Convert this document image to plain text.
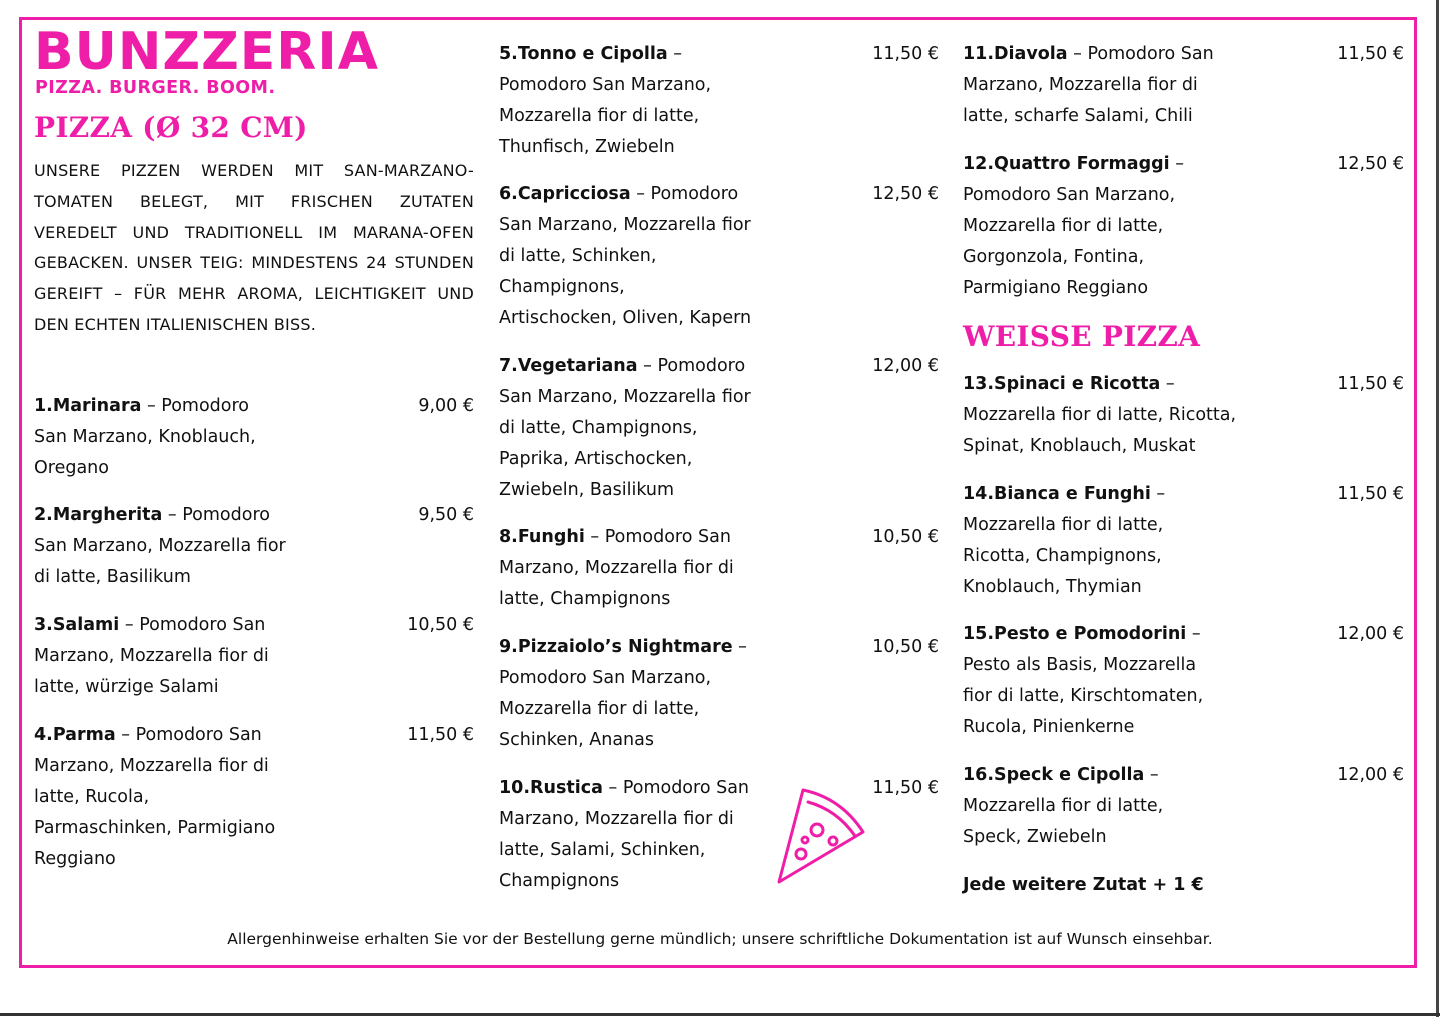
BUNZZERIA
PIZZA. BURGER. BOOM.
PIZZA (Ø 32 CM)
UNSERE PIZZEN WERDEN MIT SAN-MARZANO-TOMATEN BELEGT, MIT FRISCHEN ZUTATEN VEREDELT UND TRADITIONELL IM MARANA-OFEN GEBACKEN. UNSER TEIG: MINDESTENS 24 STUNDEN GEREIFT – FÜR MEHR AROMA, LEICHTIGKEIT UND DEN ECHTEN ITALIENISCHEN BISS.	WEISSE PIZZA
1.Marinara – Pomodoro
San Marzano, Knoblauch,
Oregano
9,00 €
2.Margherita – Pomodoro
San Marzano, Mozzarella fior
di latte, Basilikum
9,50 €
3.Salami – Pomodoro San
Marzano, Mozzarella fior di
latte, würzige Salami
10,50 €
4.Parma – Pomodoro San
Marzano, Mozzarella fior di
latte, Rucola,
Parmaschinken, Parmigiano
Reggiano
11,50 €
5.Tonno e Cipolla –
Pomodoro San Marzano,
Mozzarella fior di latte,
Thunfisch, Zwiebeln
11,50 €
6.Capricciosa – Pomodoro
San Marzano, Mozzarella fior
di latte, Schinken,
Champignons,
Artischocken, Oliven, Kapern
12,50 €
7.Vegetariana – Pomodoro
San Marzano, Mozzarella fior
di latte, Champignons,
Paprika, Artischocken,
Zwiebeln, Basilikum
12,00 €
8.Funghi – Pomodoro San
Marzano, Mozzarella fior di
latte, Champignons
10,50 €
9.Pizzaiolo’s Nightmare –
Pomodoro San Marzano,
Mozzarella fior di latte,
Schinken, Ananas
10,50 €
10.Rustica – Pomodoro San
Marzano, Mozzarella fior di
latte, Salami, Schinken,
Champignons
11,50 €
11.Diavola – Pomodoro San
Marzano, Mozzarella fior di
latte, scharfe Salami, Chili
11,50 €
12.Quattro Formaggi –
Pomodoro San Marzano,
Mozzarella fior di latte,
Gorgonzola, Fontina,
Parmigiano Reggiano
12,50 €
13.Spinaci e Ricotta –
Mozzarella fior di latte, Ricotta,
Spinat, Knoblauch, Muskat
11,50 €
14.Bianca e Funghi –
Mozzarella fior di latte,
Ricotta, Champignons,
Knoblauch, Thymian
11,50 €
15.Pesto e Pomodorini –
Pesto als Basis, Mozzarella
fior di latte, Kirschtomaten,
Rucola, Pinienkerne
12,00 €
16.Speck e Cipolla –
Mozzarella fior di latte,
Speck, Zwiebeln
12,00 €
Jede weitere Zutat + 1 €
Allergenhinweise erhalten Sie vor der Bestellung gerne mündlich; unsere schriftliche Dokumentation ist auf Wunsch einsehbar.
